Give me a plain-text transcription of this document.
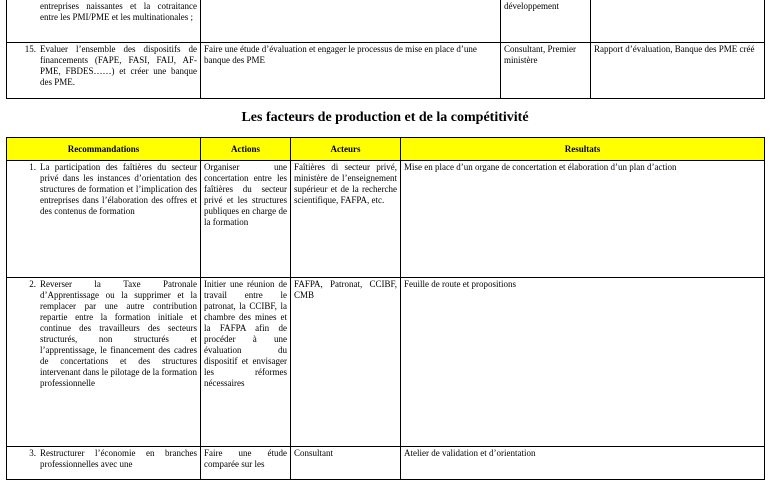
entreprises naissantes et la cotraitance entre les PMI/PME et les multinationales ;		développement	

15. Evaluer l’ensemble des dispositifs de financements (FAPE, FASI, FAIJ, AF-PME, FBDES……) et créer une banque des PME.	Faire une étude d’évaluation et engager le processus de mise en place d’une banque des PME	Consultant, Premier ministère	Rapport d’évaluation, Banque des PME créé
Les facteurs de production et de la compétitivité
Recommandations	Actions	Acteurs	Resultats

1. La participation des faîtières du secteur privé dans les instances d’orientation des structures de formation et l’implication des entreprises dans l’élaboration des offres et des contenus de formation	Organiser une concertation entre les faîtières du secteur privé et les structures publiques en charge de la formation	Faîtières di secteur privé, ministère de l’enseignement supérieur et de la recherche scientifique, FAFPA, etc.	Mise en place d’un organe de concertation et élaboration d’un plan d’action

2. Reverser la Taxe Patronale d’Apprentissage ou la supprimer et la remplacer par une autre contribution repartie entre la formation initiale et continue des travailleurs des secteurs structurés, non structurés et l’apprentissage, le financement des cadres de concertations et des structures intervenant dans le pilotage de la formation professionnelle	Initier une réunion de travail entre le patronat, la CCIBF, la chambre des mines et la FAFPA afin de procéder à une évaluation du dispositif et envisager les réformes nécessaires	FAFPA, Patronat, CCIBF, CMB	Feuille de route et propositions

3. Restructurer l’économie en branches professionnelles avec une	Faire une étude comparée sur les	Consultant	Atelier de validation et d’orientation
